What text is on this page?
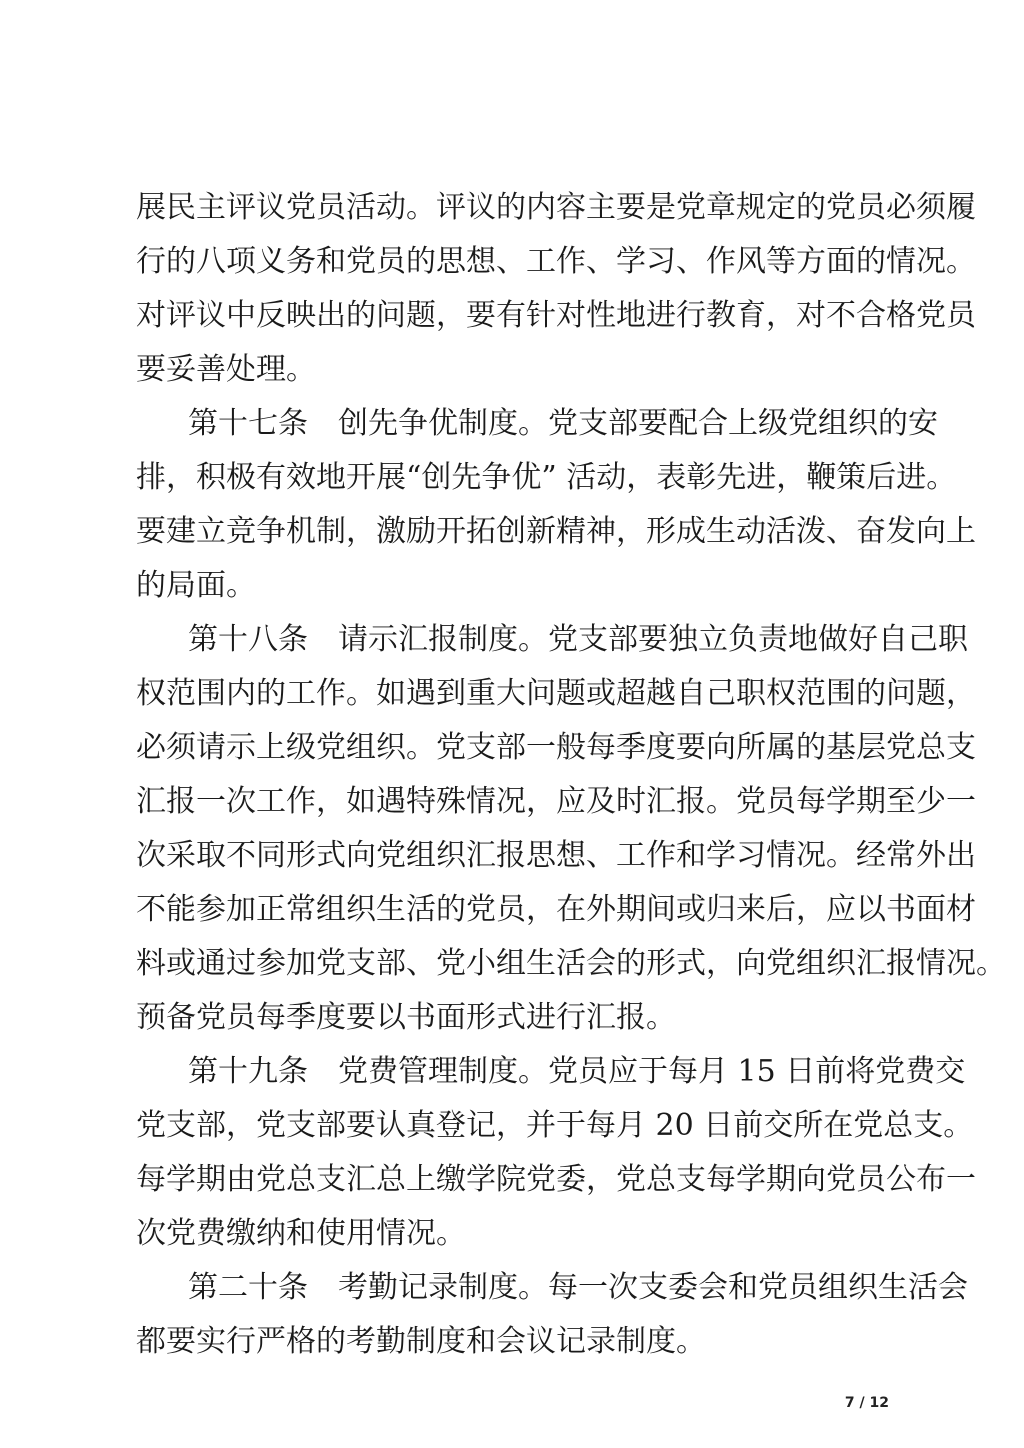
展民主评议党员活动。评议的内容主要是党章规定的党员必须履
行的八项义务和党员的思想、工作、学习、作风等方面的情况。
对评议中反映出的问题，要有针对性地进行教育，对不合格党员
要妥善处理。
第十七条　创先争优制度。党支部要配合上级党组织的安
排，积极有效地开展“创先争优” 活动，表彰先进，鞭策后进。
要建立竞争机制，激励开拓创新精神，形成生动活泼、奋发向上
的局面。
第十八条　请示汇报制度。党支部要独立负责地做好自己职
权范围内的工作。如遇到重大问题或超越自己职权范围的问题，
必须请示上级党组织。党支部一般每季度要向所属的基层党总支
汇报一次工作，如遇特殊情况，应及时汇报。党员每学期至少一
次采取不同形式向党组织汇报思想、工作和学习情况。经常外出
不能参加正常组织生活的党员，在外期间或归来后，应以书面材
料或通过参加党支部、党小组生活会的形式，向党组织汇报情况。
预备党员每季度要以书面形式进行汇报。
第十九条　党费管理制度。党员应于每月 15 日前将党费交
党支部，党支部要认真登记，并于每月 20 日前交所在党总支。
每学期由党总支汇总上缴学院党委，党总支每学期向党员公布一
次党费缴纳和使用情况。
第二十条　考勤记录制度。每一次支委会和党员组织生活会
都要实行严格的考勤制度和会议记录制度。
7 / 12
